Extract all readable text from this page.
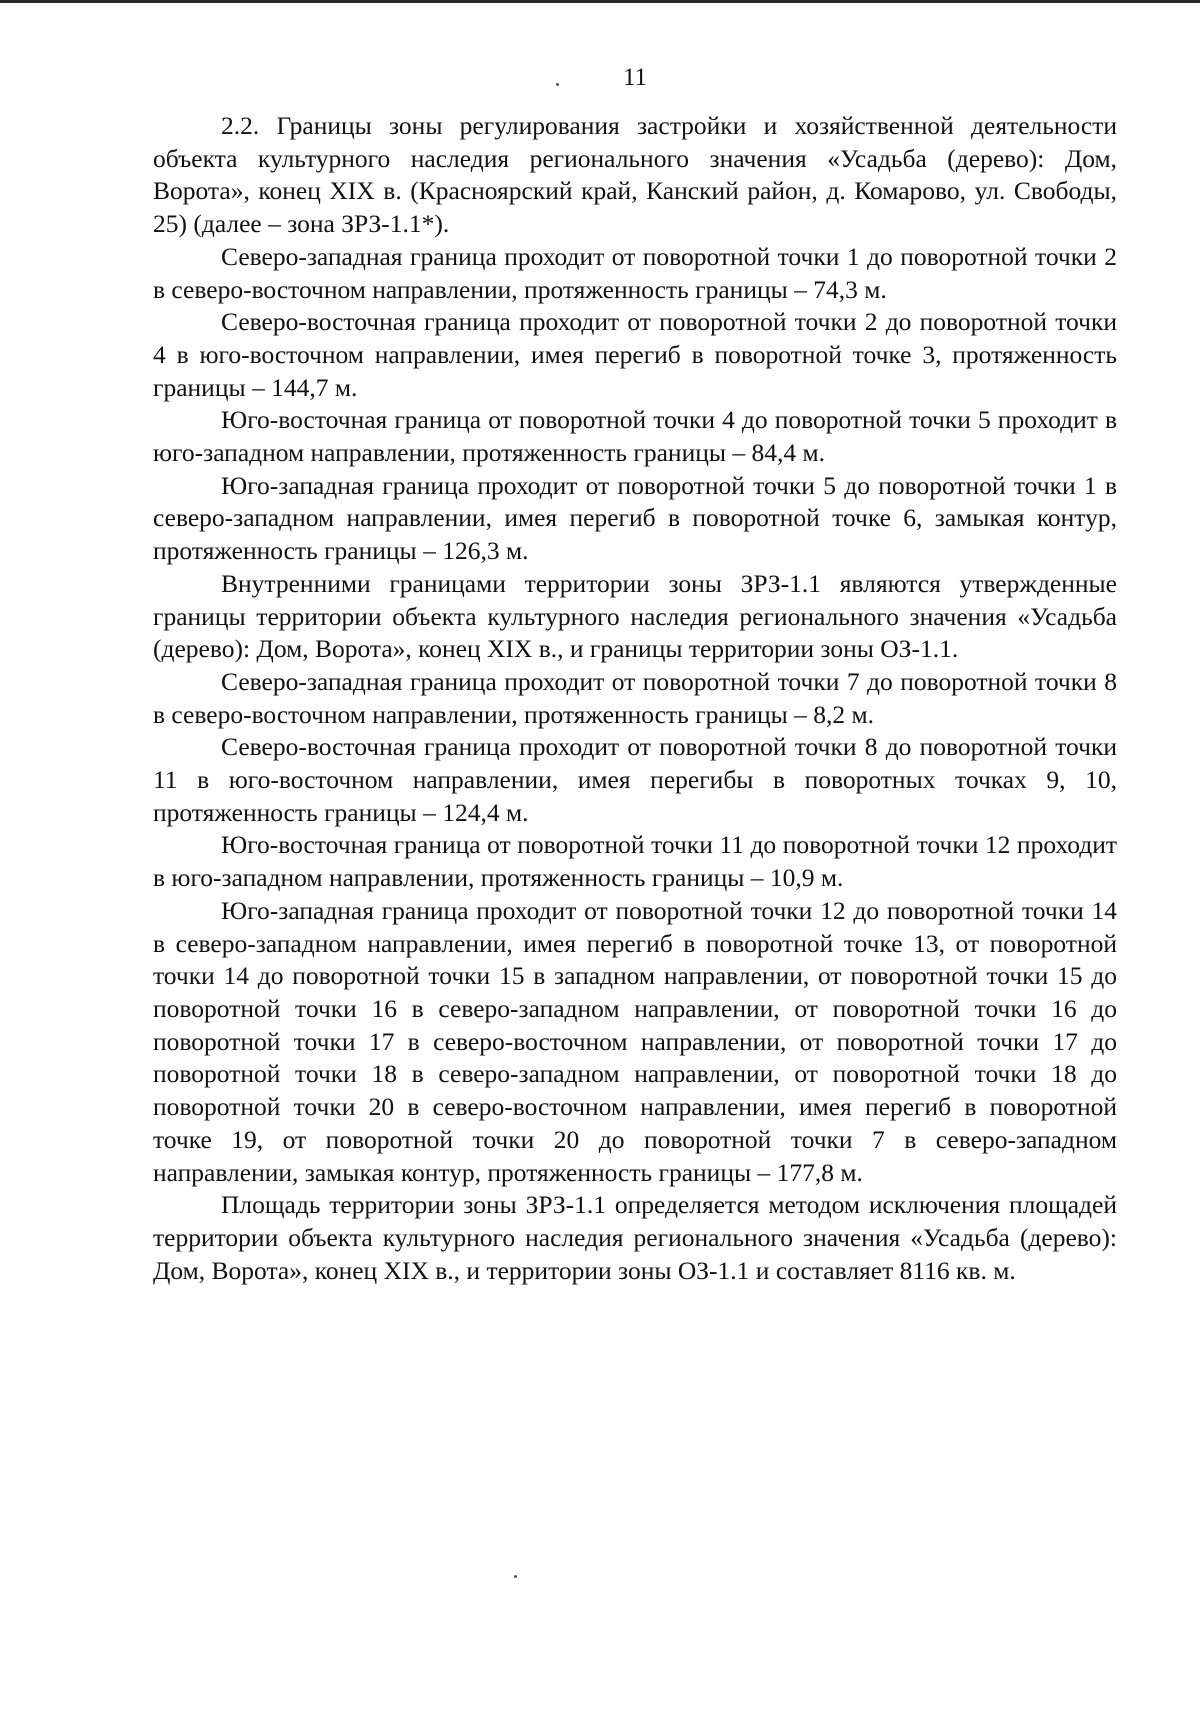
11

2.2. Границы зоны регулирования застройки и хозяйственной деятельности объекта культурного наследия регионального значения «Усадьба (дерево): Дом, Ворота», конец XIX в. (Красноярский край, Канский район, д. Комарово, ул. Свободы, 25) (далее – зона ЗРЗ-1.1*).

Северо-западная граница проходит от поворотной точки 1 до поворотной точки 2 в северо-восточном направлении, протяженность границы – 74,3 м.

Северо-восточная граница проходит от поворотной точки 2 до поворотной точки 4 в юго-восточном направлении, имея перегиб в поворотной точке 3, протяженность границы – 144,7 м.

Юго-восточная граница от поворотной точки 4 до поворотной точки 5 проходит в юго-западном направлении, протяженность границы – 84,4 м.

Юго-западная граница проходит от поворотной точки 5 до поворотной точки 1 в северо-западном направлении, имея перегиб в поворотной точке 6, замыкая контур, протяженность границы – 126,3 м.

Внутренними границами территории зоны ЗРЗ-1.1 являются утвержденные границы территории объекта культурного наследия регионального значения «Усадьба (дерево): Дом, Ворота», конец XIX в., и границы территории зоны ОЗ-1.1.

Северо-западная граница проходит от поворотной точки 7 до поворотной точки 8 в северо-восточном направлении, протяженность границы – 8,2 м.

Северо-восточная граница проходит от поворотной точки 8 до поворотной точки 11 в юго-восточном направлении, имея перегибы в поворотных точках 9, 10, протяженность границы – 124,4 м.

Юго-восточная граница от поворотной точки 11 до поворотной точки 12 проходит в юго-западном направлении, протяженность границы – 10,9 м.

Юго-западная граница проходит от поворотной точки 12 до поворотной точки 14 в северо-западном направлении, имея перегиб в поворотной точке 13, от поворотной точки 14 до поворотной точки 15 в западном направлении, от поворотной точки 15 до поворотной точки 16 в северо-западном направлении, от поворотной точки 16 до поворотной точки 17 в северо-восточном направлении, от поворотной точки 17 до поворотной точки 18 в северо-западном направлении, от поворотной точки 18 до поворотной точки 20 в северо-восточном направлении, имея перегиб в поворотной точке 19, от поворотной точки 20 до поворотной точки 7 в северо-западном направлении, замыкая контур, протяженность границы – 177,8 м.

Площадь территории зоны ЗРЗ-1.1 определяется методом исключения площадей территории объекта культурного наследия регионального значения «Усадьба (дерево): Дом, Ворота», конец XIX в., и территории зоны ОЗ-1.1 и составляет 8116 кв. м.
